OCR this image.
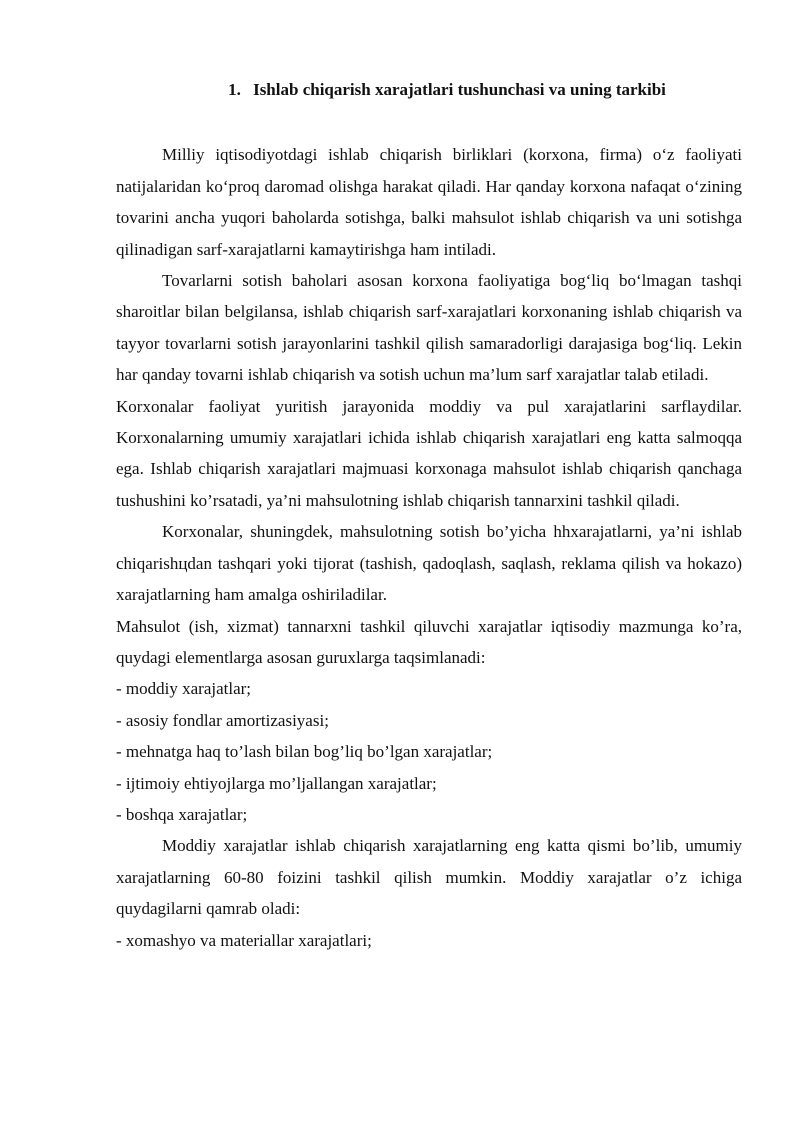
1. Ishlab chiqarish xarajatlari tushunchasi va uning tarkibi

Milliy iqtisodiyotdagi ishlab chiqarish birliklari (korxona, firma) o‘z faoliyati natijalaridan ko‘proq daromad olishga harakat qiladi. Har qanday korxona nafaqat o‘zining tovarini ancha yuqori baholarda sotishga, balki mahsulot ishlab chiqarish va uni sotishga qilinadigan sarf-xarajatlarni kamaytirishga ham intiladi.

Tovarlarni sotish baholari asosan korxona faoliyatiga bog‘liq bo‘lmagan tashqi sharoitlar bilan belgilansa, ishlab chiqarish sarf-xarajatlari korxonaning ishlab chiqarish va tayyor tovarlarni sotish jarayonlarini tashkil qilish samaradorligi darajasiga bog‘liq. Lekin har qanday tovarni ishlab chiqarish va sotish uchun ma’lum sarf xarajatlar talab etiladi.

Korxonalar faoliyat yuritish jarayonida moddiy va pul xarajatlarini sarflaydilar. Korxonalarning umumiy xarajatlari ichida ishlab chiqarish xarajatlari eng katta salmoqqa ega. Ishlab chiqarish xarajatlari majmuasi korxonaga mahsulot ishlab chiqarish qanchaga tushushini ko’rsatadi, ya’ni mahsulotning ishlab chiqarish tannarxini tashkil qiladi.

Korxonalar, shuningdek, mahsulotning sotish bo’yicha hhxarajatlarni, ya’ni ishlab chiqarishцdan tashqari yoki tijorat (tashish, qadoqlash, saqlash, reklama qilish va hokazo) xarajatlarning ham amalga oshiriladilar.

Mahsulot (ish, xizmat) tannarxni tashkil qiluvchi xarajatlar iqtisodiy mazmunga ko’ra, quydagi elementlarga asosan guruxlarga taqsimlanadi:

- moddiy xarajatlar;

- asosiy fondlar amortizasiyasi;

- mehnatga haq to’lash bilan bog’liq bo’lgan xarajatlar;

- ijtimoiy ehtiyojlarga mo’ljallangan xarajatlar;

- boshqa xarajatlar;

Moddiy xarajatlar ishlab chiqarish xarajatlarning eng katta qismi bo’lib, umumiy xarajatlarning 60-80 foizini tashkil qilish mumkin. Moddiy xarajatlar o’z ichiga quydagilarni qamrab oladi:

- xomashyo va materiallar xarajatlari;
